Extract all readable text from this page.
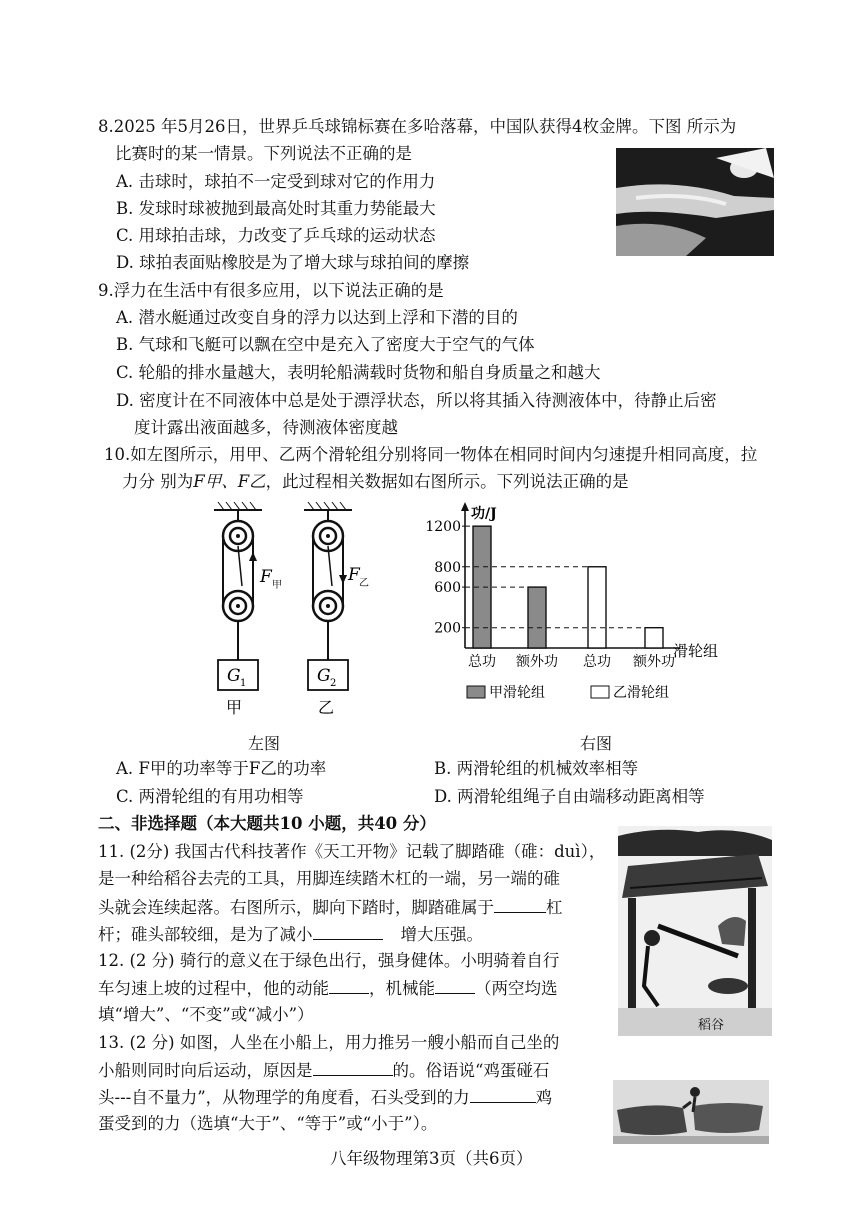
8.2025 年5月26日，世界乒乓球锦标赛在多哈落幕，中国队获得4枚金牌。下图 所示为
比赛时的某一情景。下列说法不正确的是
A. 击球时，球拍不一定受到球对它的作用力
B. 发球时球被抛到最高处时其重力势能最大
C. 用球拍击球，力改变了乒乓球的运动状态
D. 球拍表面贴橡胶是为了增大球与球拍间的摩擦
9.浮力在生活中有很多应用，以下说法正确的是
A. 潜水艇通过改变自身的浮力以达到上浮和下潜的目的
B. 气球和飞艇可以飘在空中是充入了密度大于空气的气体
C. 轮船的排水量越大，表明轮船满载时货物和船自身质量之和越大
D. 密度计在不同液体中总是处于漂浮状态，所以将其插入待测液体中，待静止后密
度计露出液面越多，待测液体密度越
10.如左图所示，用甲、乙两个滑轮组分别将同一物体在相同时间内匀速提升相同高度，拉
力分 别为F甲、F乙，此过程相关数据如右图所示。下列说法正确的是
F 甲
G 1
甲
F 乙
G 2
乙
功/J
200
600
800
1200
总功 额外功 总功 额外功
滑轮组
甲滑轮组	乙滑轮组
左图	右图
A. F甲的功率等于F乙的功率	B. 两滑轮组的机械效率相等
C. 两滑轮组的有用功相等	D. 两滑轮组绳子自由端移动距离相等
二、非选择题（本大题共10 小题，共40 分）
11. (2分) 我国古代科技著作《天工开物》记载了脚踏碓（碓：duì），
是一种给稻谷去壳的工具，用脚连续踏木杠的一端，另一端的碓
头就会连续起落。右图所示，脚向下踏时，脚踏碓属于	杠
杆；碓头部较细，是为了减小	增大压强。
稻谷
12. (2 分) 骑行的意义在于绿色出行，强身健体。小明骑着自行
车匀速上坡的过程中，他的动能 ，机械能 （两空均选
填“增大”、“不变”或“减小”）
13. (2 分) 如图，人坐在小船上，用力推另一艘小船而自己坐的
小船则同时向后运动，原因是	的。俗语说“鸡蛋碰石
头---自不量力”，从物理学的角度看，石头受到的力	鸡
蛋受到的力（选填“大于”、“等于”或“小于”）。
八年级物理第3页（共6页）
